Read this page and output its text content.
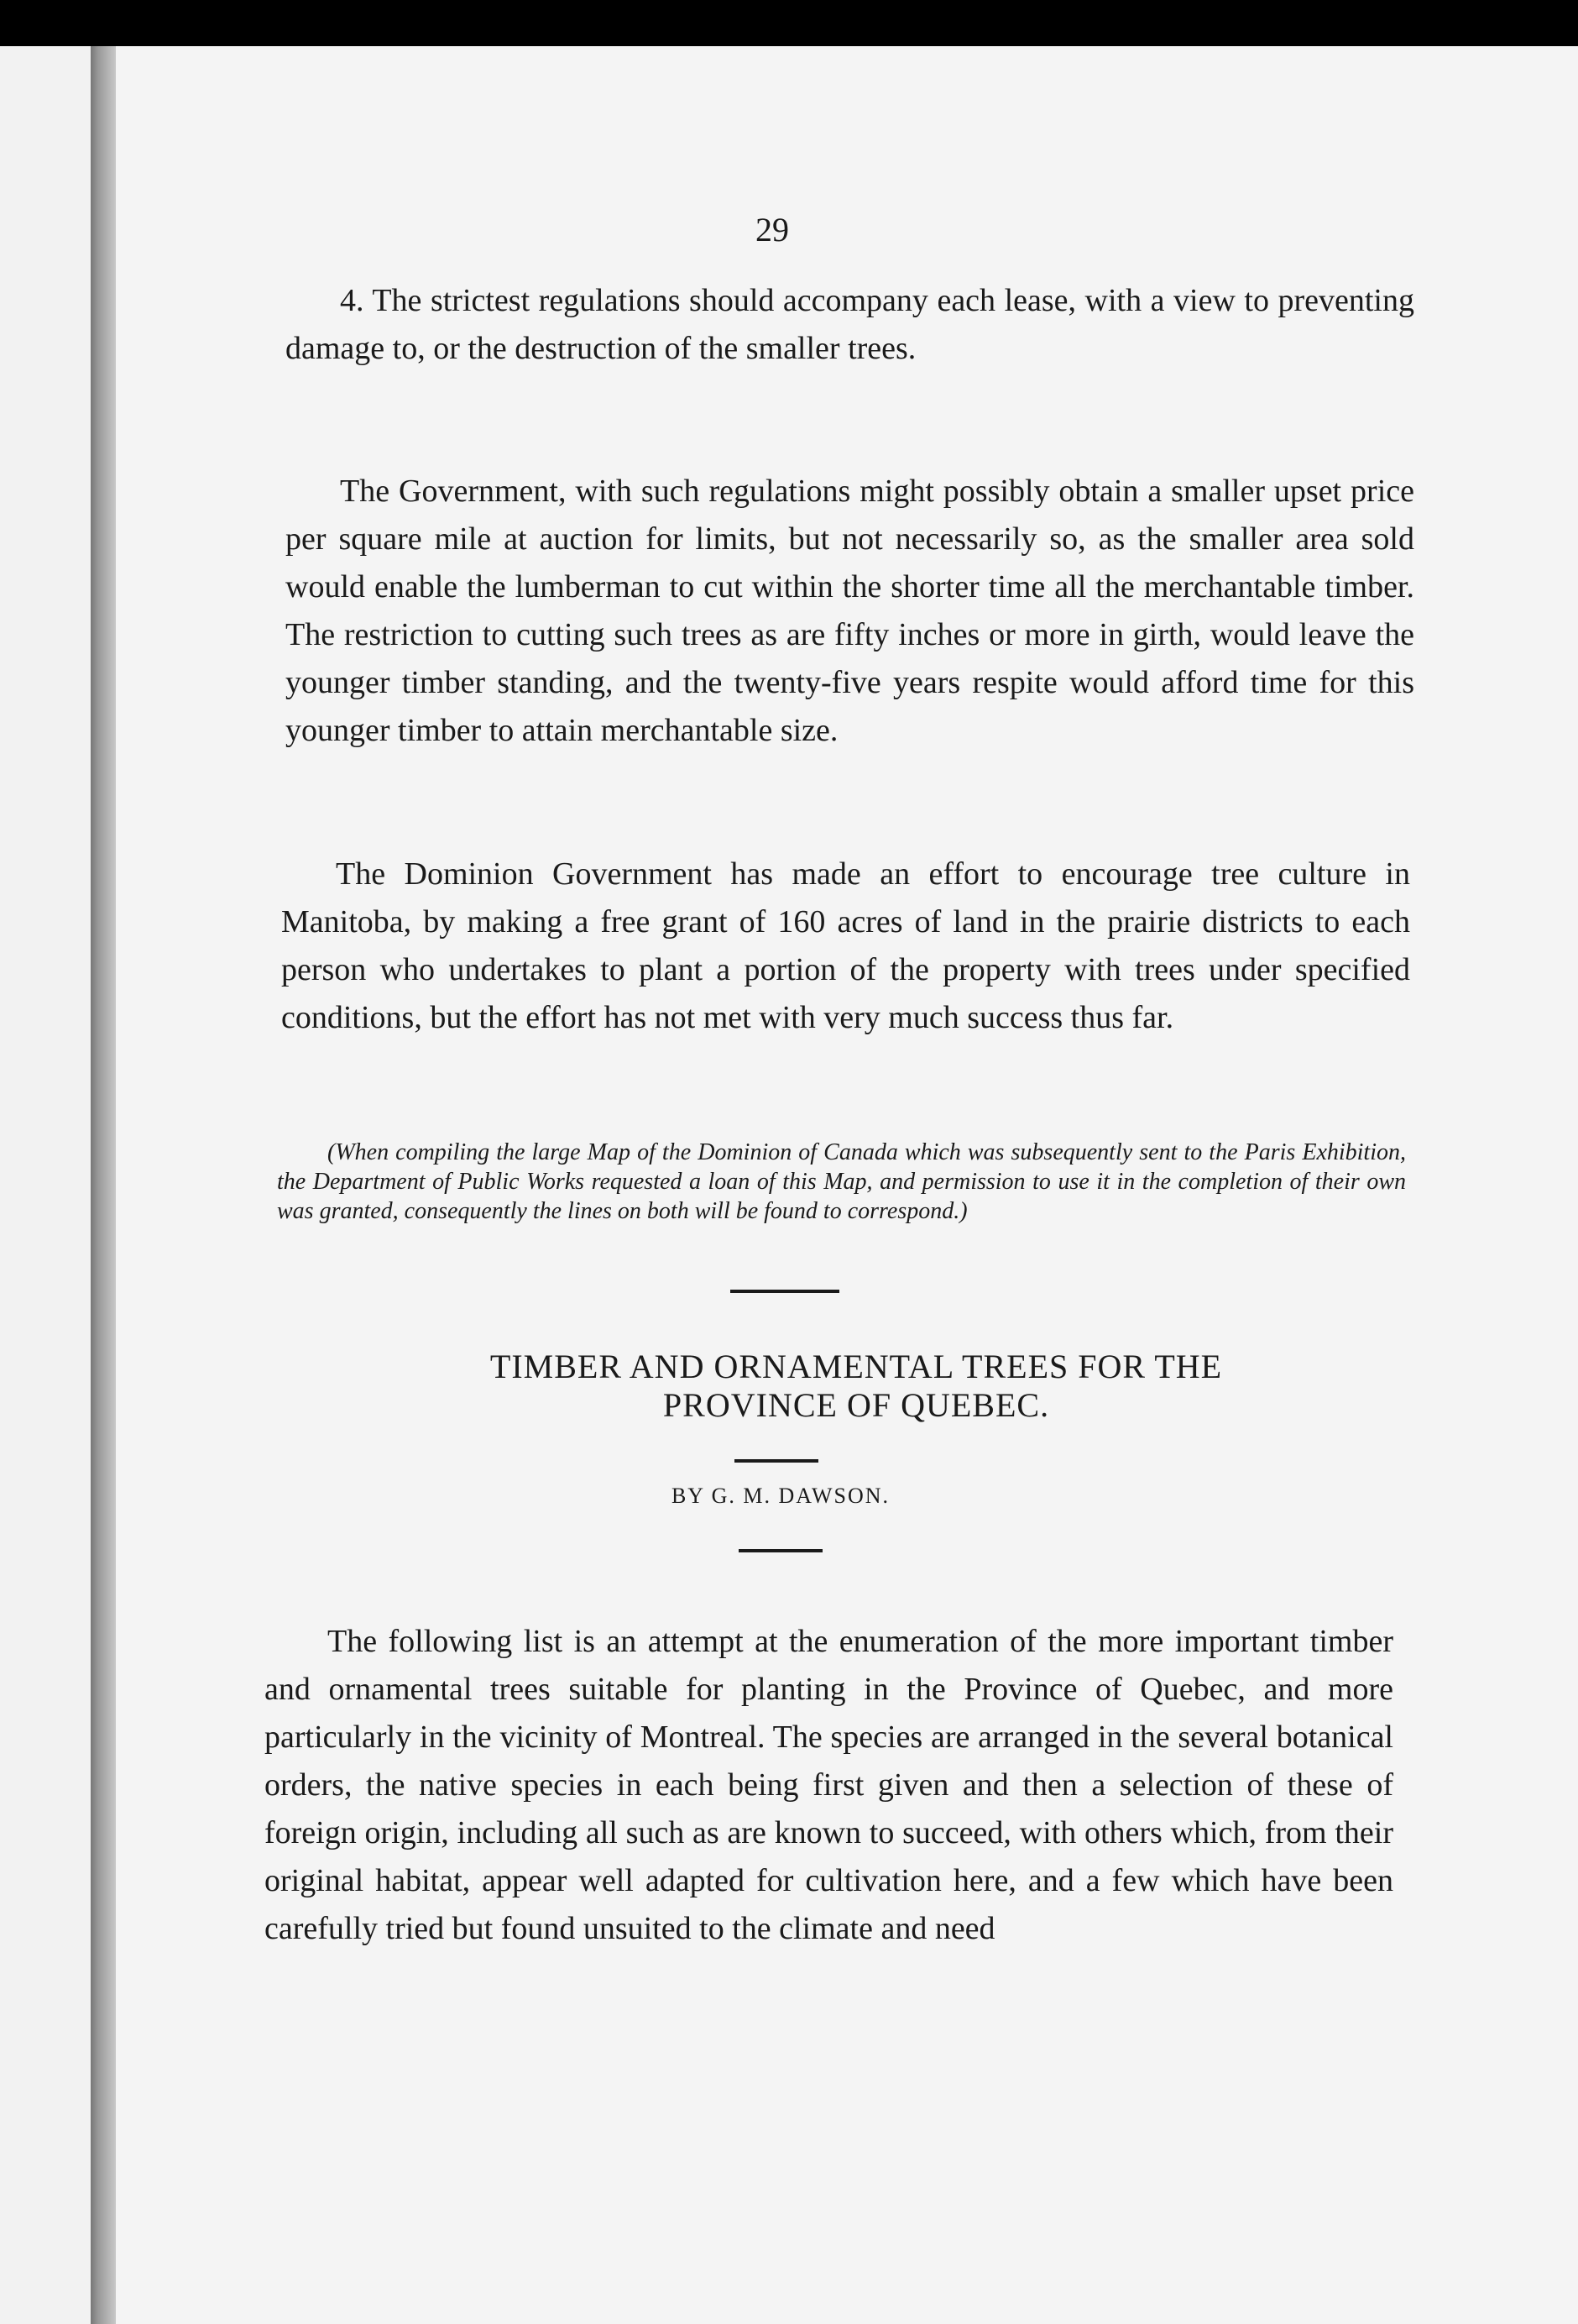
29

4. The strictest regulations should accompany each lease, with a view to preventing damage to, or the destruction of the smaller trees.

The Government, with such regulations might possibly obtain a smaller upset price per square mile at auction for limits, but not necessarily so, as the smaller area sold would enable the lumberman to cut within the shorter time all the merchantable timber. The restriction to cutting such trees as are fifty inches or more in girth, would leave the younger timber standing, and the twenty-five years respite would afford time for this younger timber to attain merchantable size.

The Dominion Government has made an effort to encourage tree culture in Manitoba, by making a free grant of 160 acres of land in the prairie districts to each person who undertakes to plant a portion of the property with trees under specified conditions, but the effort has not met with very much success thus far.

(When compiling the large Map of the Dominion of Canada which was subsequently sent to the Paris Exhibition, the Department of Public Works requested a loan of this Map, and permission to use it in the completion of their own was granted, consequently the lines on both will be found to correspond.)

TIMBER AND ORNAMENTAL TREES FOR THE
PROVINCE OF QUEBEC.
BY G. M. DAWSON.

The following list is an attempt at the enumeration of the more important timber and ornamental trees suitable for planting in the Province of Quebec, and more particularly in the vicinity of Montreal. The species are arranged in the several botanical orders, the native species in each being first given and then a selection of these of foreign origin, including all such as are known to succeed, with others which, from their original habitat, appear well adapted for cultivation here, and a few which have been carefully tried but found unsuited to the climate and need
